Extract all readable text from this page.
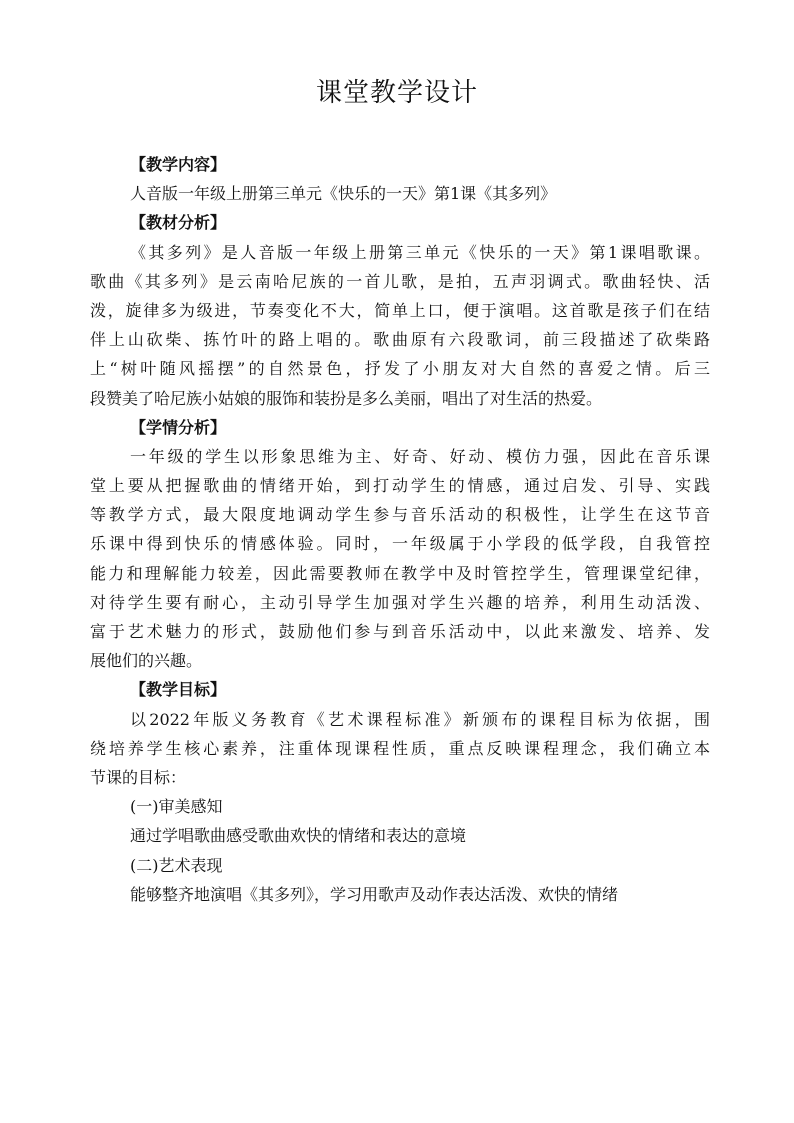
课堂教学设计
【教学内容】
人音版一年级上册第三单元《快乐的一天》第1课《其多列》
【教材分析】
《其多列》是人音版一年级上册第三单元《快乐的一天》第1课唱歌课。
歌曲《其多列》是云南哈尼族的一首儿歌，是拍，五声羽调式。歌曲轻快、活
泼，旋律多为级进，节奏变化不大，简单上口，便于演唱。这首歌是孩子们在结
伴上山砍柴、拣竹叶的路上唱的。歌曲原有六段歌词，前三段描述了砍柴路
上“树叶随风摇摆”的自然景色，抒发了小朋友对大自然的喜爱之情。后三
段赞美了哈尼族小姑娘的服饰和装扮是多么美丽，唱出了对生活的热爱。
【学情分析】
一年级的学生以形象思维为主、好奇、好动、模仿力强，因此在音乐课
堂上要从把握歌曲的情绪开始，到打动学生的情感，通过启发、引导、实践
等教学方式，最大限度地调动学生参与音乐活动的积极性，让学生在这节音
乐课中得到快乐的情感体验。同时，一年级属于小学段的低学段，自我管控
能力和理解能力较差，因此需要教师在教学中及时管控学生，管理课堂纪律，
对待学生要有耐心，主动引导学生加强对学生兴趣的培养，利用生动活泼、
富于艺术魅力的形式，鼓励他们参与到音乐活动中，以此来激发、培养、发
展他们的兴趣。
【教学目标】
以2022年版义务教育《艺术课程标准》新颁布的课程目标为依据，围
绕培养学生核心素养，注重体现课程性质，重点反映课程理念，我们确立本
节课的目标：
(一)审美感知
通过学唱歌曲感受歌曲欢快的情绪和表达的意境
(二)艺术表现
能够整齐地演唱《其多列》，学习用歌声及动作表达活泼、欢快的情绪
